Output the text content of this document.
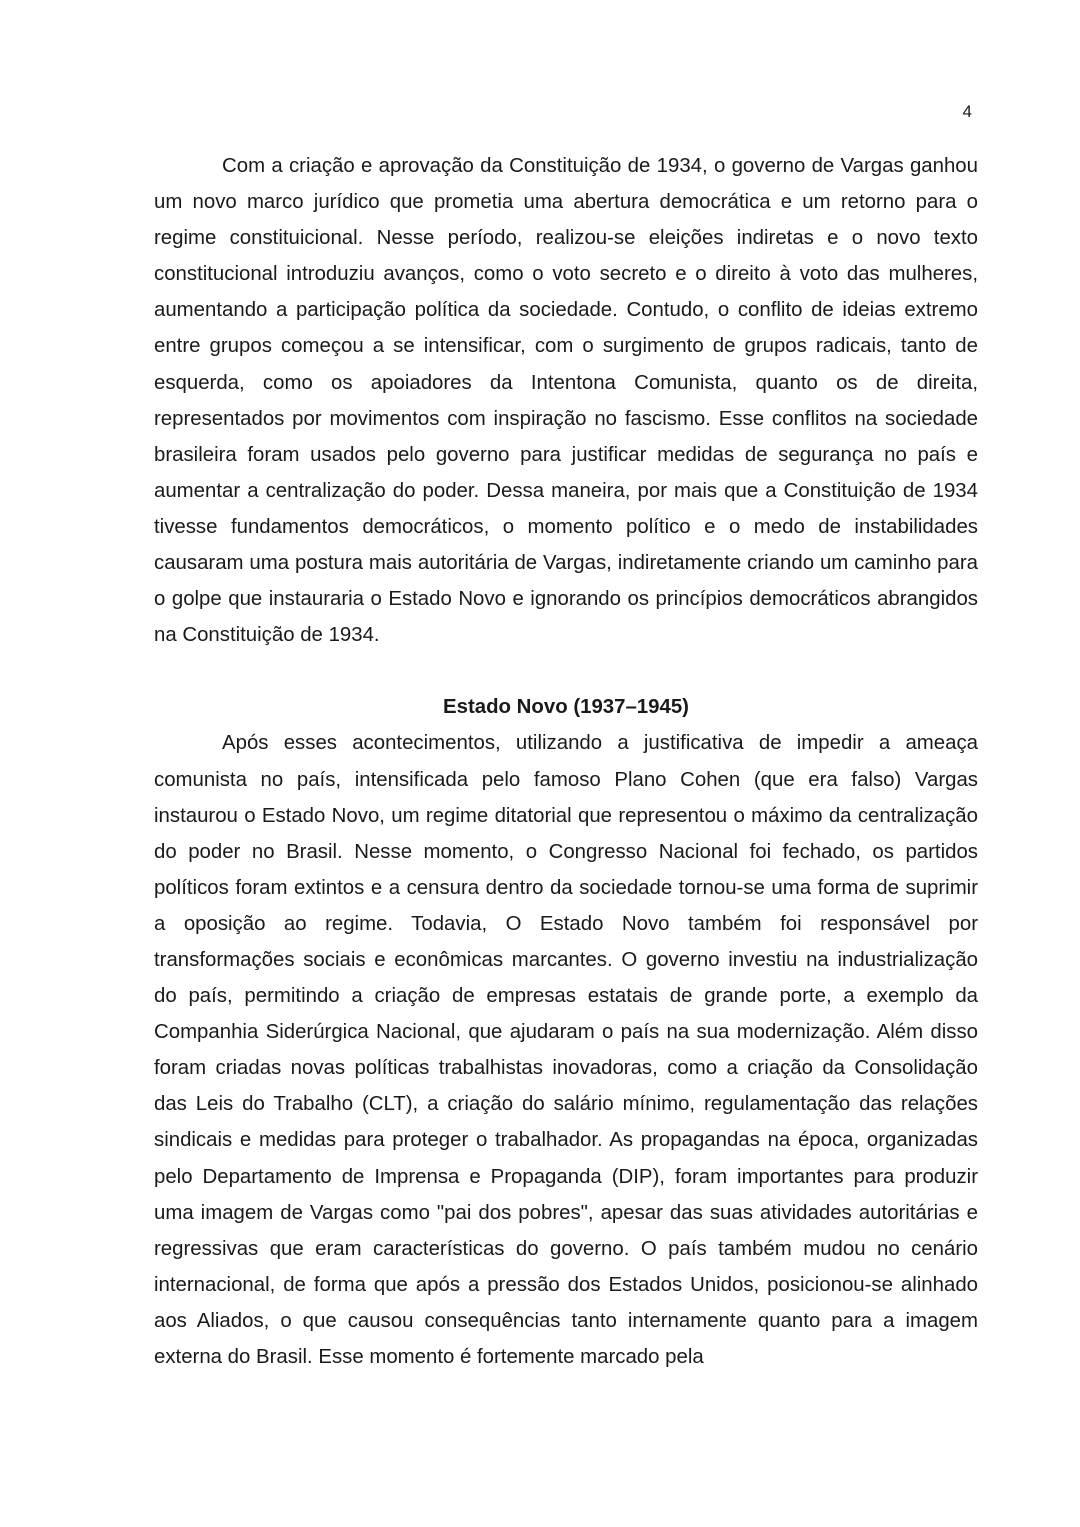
4

Com a criação e aprovação da Constituição de 1934, o governo de Vargas ganhou um novo marco jurídico que prometia uma abertura democrática e um retorno para o regime constituicional. Nesse período, realizou-se eleições indiretas e o novo texto constitucional introduziu avanços, como o voto secreto e o direito à voto das mulheres, aumentando a participação política da sociedade. Contudo, o conflito de ideias extremo entre grupos começou a se intensificar, com o surgimento de grupos radicais, tanto de esquerda, como os apoiadores da Intentona Comunista, quanto os de direita, representados por movimentos com inspiração no fascismo. Esse conflitos na sociedade brasileira foram usados pelo governo para justificar medidas de segurança no país e aumentar a centralização do poder. Dessa maneira, por mais que a Constituição de 1934 tivesse fundamentos democráticos, o momento político e o medo de instabilidades causaram uma postura mais autoritária de Vargas, indiretamente criando um caminho para o golpe que instauraria o Estado Novo e ignorando os princípios democráticos abrangidos na Constituição de 1934.

Estado Novo (1937–1945)

Após esses acontecimentos, utilizando a justificativa de impedir a ameaça comunista no país, intensificada pelo famoso Plano Cohen (que era falso) Vargas instaurou o Estado Novo, um regime ditatorial que representou o máximo da centralização do poder no Brasil. Nesse momento, o Congresso Nacional foi fechado, os partidos políticos foram extintos e a censura dentro da sociedade tornou-se uma forma de suprimir a oposição ao regime. Todavia, O Estado Novo também foi responsável por transformações sociais e econômicas marcantes. O governo investiu na industrialização do país, permitindo a criação de empresas estatais de grande porte, a exemplo da Companhia Siderúrgica Nacional, que ajudaram o país na sua modernização. Além disso foram criadas novas políticas trabalhistas inovadoras, como a criação da Consolidação das Leis do Trabalho (CLT), a criação do salário mínimo, regulamentação das relações sindicais e medidas para proteger o trabalhador. As propagandas na época, organizadas pelo Departamento de Imprensa e Propaganda (DIP), foram importantes para produzir uma imagem de Vargas como "pai dos pobres", apesar das suas atividades autoritárias e regressivas que eram características do governo. O país também mudou no cenário internacional, de forma que após a pressão dos Estados Unidos, posicionou-se alinhado aos Aliados, o que causou consequências tanto internamente quanto para a imagem externa do Brasil. Esse momento é fortemente marcado pela
